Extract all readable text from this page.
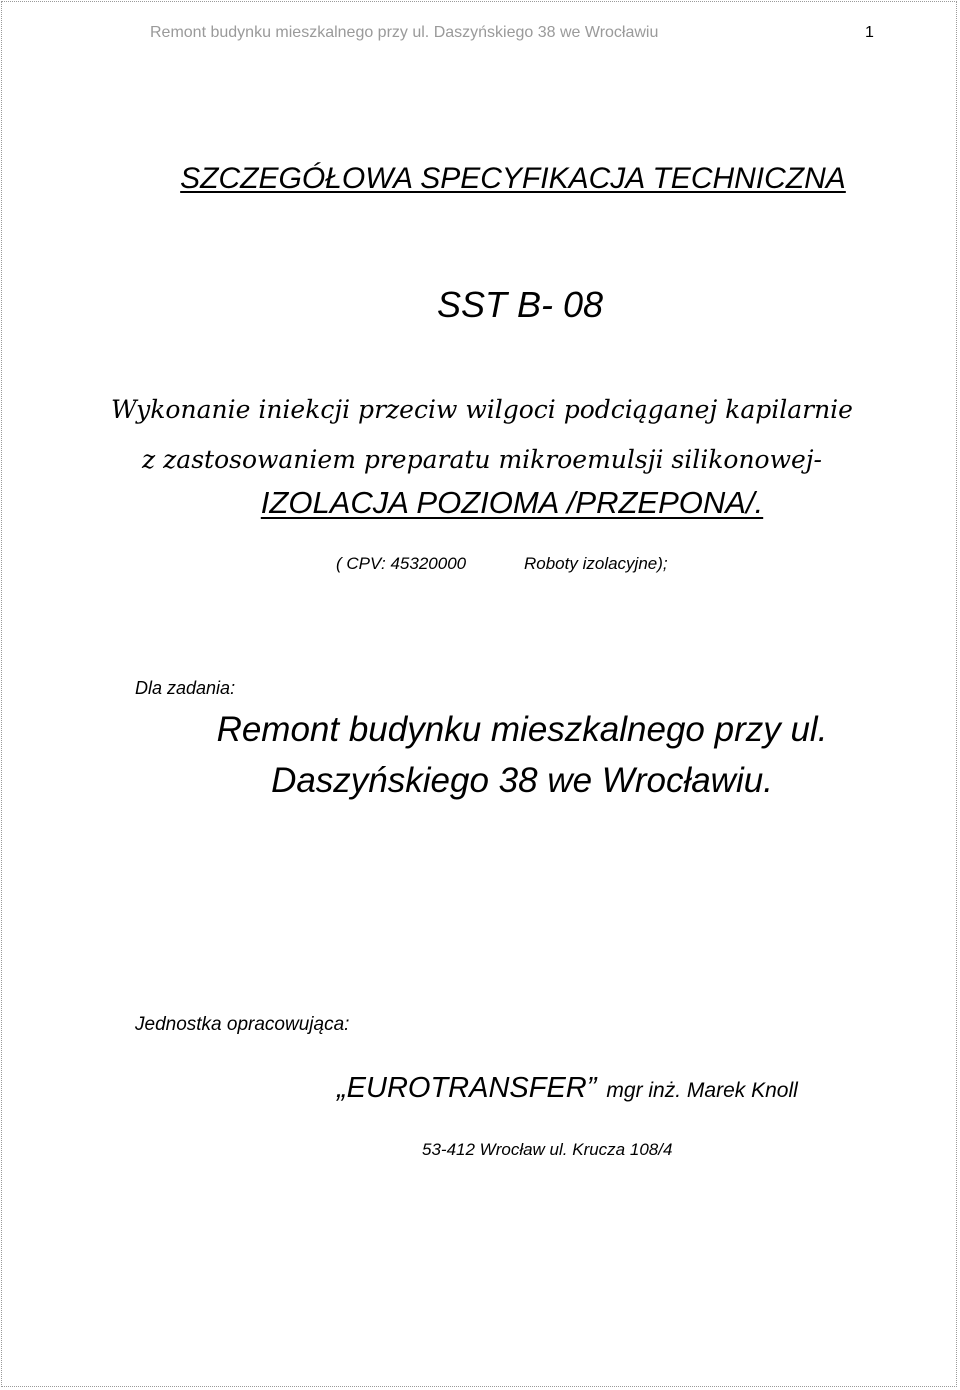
Remont budynku mieszkalnego przy ul. Daszyńskiego 38 we Wrocławiu	1
SZCZEGÓŁOWA SPECYFIKACJA TECHNICZNA
SST B- 08
Wykonanie iniekcji przeciw wilgoci podciąganej kapilarnie
z zastosowaniem preparatu mikroemulsji silikonowej-
IZOLACJA POZIOMA /PRZEPONA/.
( CPV: 45320000	Roboty izolacyjne);
Dla zadania:
Remont budynku mieszkalnego przy ul.
Daszyńskiego 38 we Wrocławiu.
Jednostka opracowująca:
„EUROTRANSFER” mgr inż. Marek Knoll
53-412 Wrocław ul. Krucza 108/4
